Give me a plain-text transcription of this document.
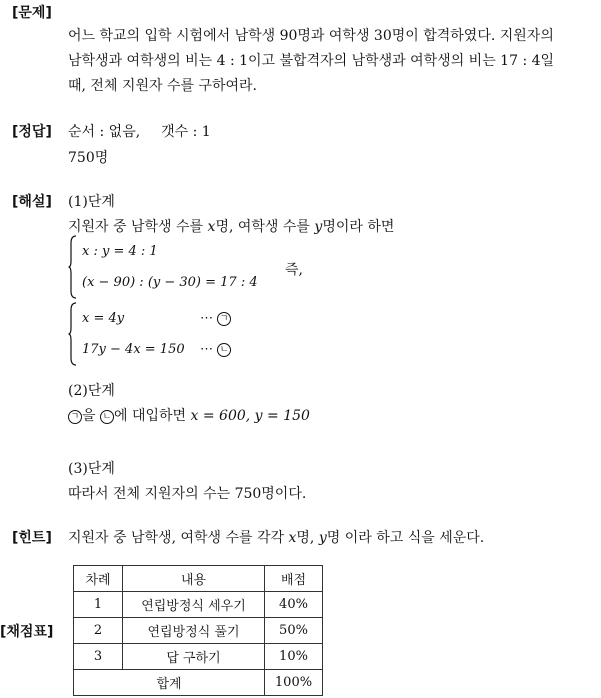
[문제]
어느 학교의 입학 시험에서 남학생 90명과 여학생 30명이 합격하였다. 지원자의
남학생과 여학생의 비는 4 : 1이고 불합격자의 남학생과 여학생의 비는 17 : 4일
때, 전체 지원자 수를 구하여라.
[정답] 순서 : 없음, 갯수 : 1
750명
[해설] (1)단계
지원자 중 남학생 수를 x명, 여학생 수를 y명이라 하면
x : y = 4 : 1
(x − 90) : (y − 30) = 17 : 4
즉,
x = 4y	⋯ ㄱ
17y − 4x = 150 ⋯ ㄴ
(2)단계
ㄱ 을 ㄴ 에 대입하면 x = 600, y = 150
(3)단계
따라서 전체 지원자의 수는 750명이다.
[힌트] 지원자 중 남학생, 여학생 수를 각각 x명, y명 이라 하고 식을 세운다.
[채점표]
차례	내용	배점
1	연립방정식 세우기	40%
2	연립방정식 풀기	50%
3	답 구하기	10%
합계		100%
